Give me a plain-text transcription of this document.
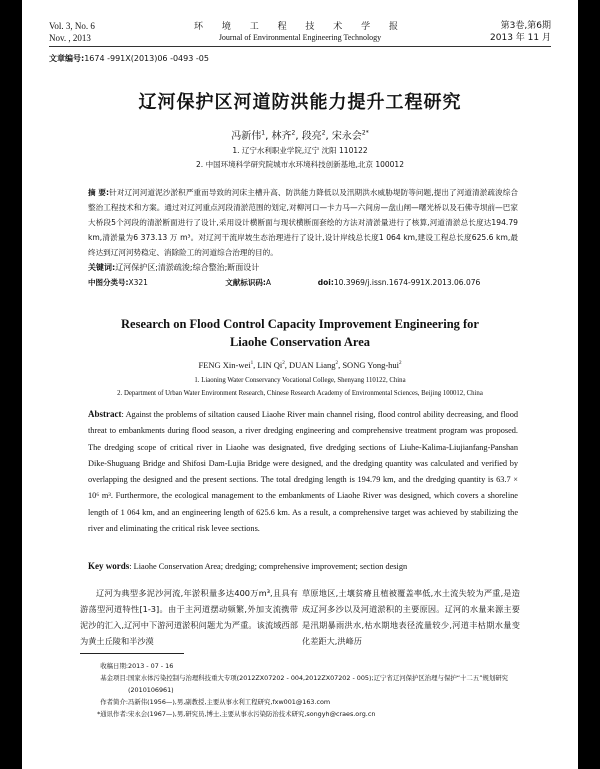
Vol. 3, No. 6
Nov. , 2013
环 境 工 程 技 术 学 报
Journal of Environmental Engineering Technology
第3卷,第6期
2013 年 11 月
文章编号:1674 -991X(2013)06 -0493 -05
辽河保护区河道防洪能力提升工程研究
冯新伟$^1$, 林齐$^2$, 段亮$^2$, 宋永会$^{2*}$
1. 辽宁水利职业学院,辽宁 沈阳 110122
2. 中国环境科学研究院城市水环境科技创新基地,北京 100012
摘 要:针对辽河河道泥沙淤积严重而导致的河床主槽升高、防洪能力降低以及汛期洪水威胁堤防等问题,提出了河道清淤疏浚综合整治工程技术和方案。通过对辽河重点河段清淤范围的划定,对柳河口—卡力马—六间房—盘山闸—曙光桥以及石佛寺坝前—巴家大桥段5个河段的清淤断面进行了设计,采用设计横断面与现状横断面套绘的方法对清淤量进行了核算,河道清淤总长度达194.79 km,清淤量为6 373.13 万 m³。对辽河干流岸坡生态治理进行了设计,设计岸线总长度1 064 km,建设工程总长度625.6 km,最终达到辽河河势稳定、消除险工的河道综合治理的目的。
关键词:辽河保护区;清淤疏浚;综合整治;断面设计
中图分类号:X321	文献标识码:A	doi:10.3969/j.issn.1674-991X.2013.06.076
Research on Flood Control Capacity Improvement Engineering for Liaohe Conservation Area
FENG Xin-wei$^1$, LIN Qi$^2$, DUAN Liang$^2$, SONG Yong-hui$^2$
1. Liaoning Water Conservancy Vocational College, Shenyang 110122, China
2. Department of Urban Water Environment Research, Chinese Research Academy of Environmental Sciences, Beijing 100012, China
Abstract: Against the problems of siltation caused Liaohe River main channel rising, flood control ability decreasing, and flood threat to embankments during flood season, a river dredging engineering and comprehensive treatment program was proposed. The dredging scope of critical river in Liaohe was designated, five dredging sections of Liuhe-Kalima-Liujianfang-Panshan Dike-Shuguang Bridge and Shifosi Dam-Lujia Bridge were designed, and the dredging quantity was calculated and verified by overlapping the designed and the present sections. The total dredging length is 194.79 km, and the dredging quantity is 63.7 × 10⁶ m³. Furthermore, the ecological management to the embankments of Liaohe River was designed, which covers a shoreline length of 1 064 km, and an engineering length of 625.6 km. As a result, a comprehensive target was achieved by stabilizing the river and eliminating the critical risk levee sections.
Key words: Liaohe Conservation Area; dredging; comprehensive improvement; section design
辽河为典型多泥沙河流,年淤积量多达400万m³,且具有游荡型河道特性[1-3]。由于主河道摆动频繁,外加支流携带泥沙的汇入,辽河中下游河道淤积问题尤为严重。该流域西部为黄土丘陵和半沙漠
草原地区,土壤贫瘠且植被覆盖率低,水土流失较为严重,是造成辽河多沙以及河道淤积的主要原因。辽河的水量来源主要是汛期暴雨洪水,枯水期地表径流量较少,河道丰枯期水量变化差距大,洪峰历
收稿日期:2013 - 07 - 16
基金项目: 国家水体污染控制与治理科技重大专项(2012ZX07202 - 004,2012ZX07202 - 005);辽宁省辽河保护区治理与保护“十二五”规划研究(2010106961)
作者简介:冯新伟(1956—),男,副教授,主要从事水利工程研究,fxw001@163.com
*通讯作者:宋永会(1967—),男,研究员,博士,主要从事水污染防治技术研究,songyh@craes.org.cn
